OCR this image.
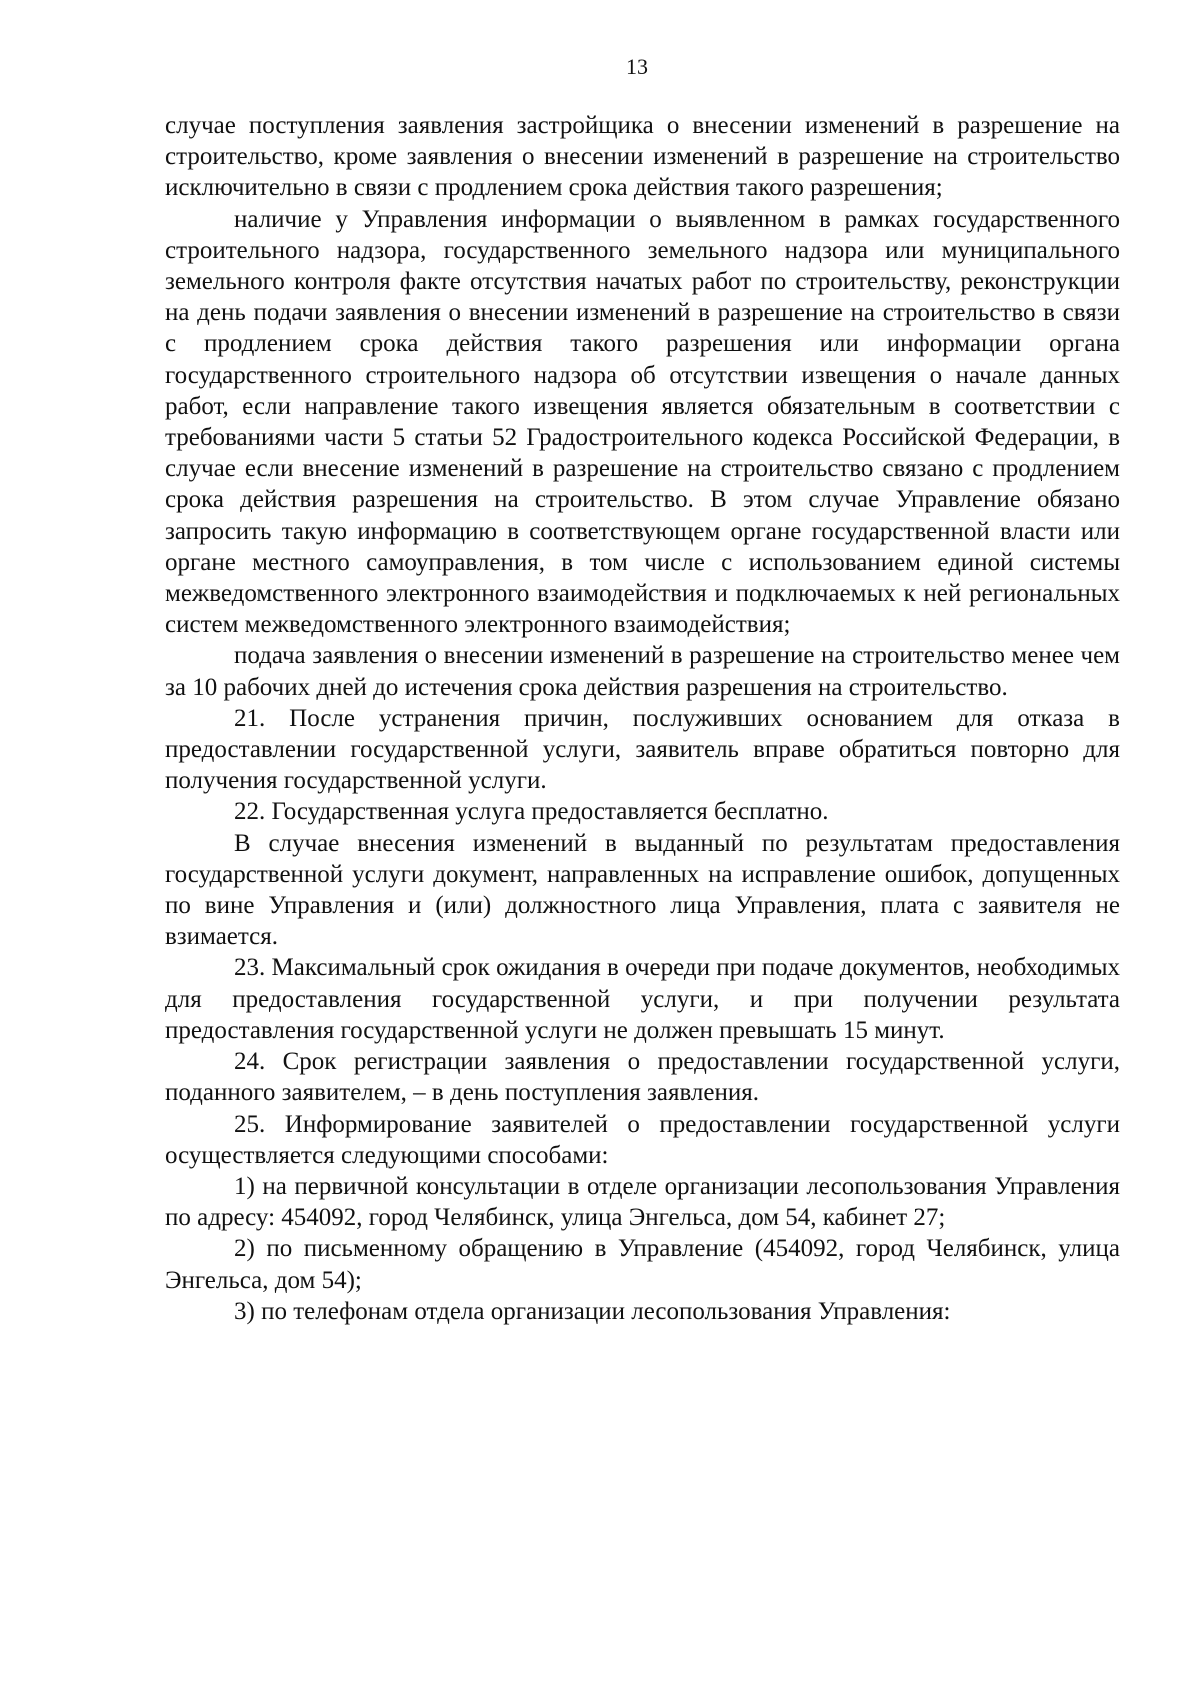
13

случае поступления заявления застройщика о внесении изменений в разрешение на строительство, кроме заявления о внесении изменений в разрешение на строительство исключительно в связи с продлением срока действия такого разрешения;

наличие у Управления информации о выявленном в рамках государственного строительного надзора, государственного земельного надзора или муниципального земельного контроля факте отсутствия начатых работ по строительству, реконструкции на день подачи заявления о внесении изменений в разрешение на строительство в связи с продлением срока действия такого разрешения или информации органа государственного строительного надзора об отсутствии извещения о начале данных работ, если направление такого извещения является обязательным в соответствии с требованиями части 5 статьи 52 Градостроительного кодекса Российской Федерации, в случае если внесение изменений в разрешение на строительство связано с продлением срока действия разрешения на строительство. В этом случае Управление обязано запросить такую информацию в соответствующем органе государственной власти или органе местного самоуправления, в том числе с использованием единой системы межведомственного электронного взаимодействия и подключаемых к ней региональных систем межведомственного электронного взаимодействия;

подача заявления о внесении изменений в разрешение на строительство менее чем за 10 рабочих дней до истечения срока действия разрешения на строительство.

21. После устранения причин, послуживших основанием для отказа в предоставлении государственной услуги, заявитель вправе обратиться повторно для получения государственной услуги.

22. Государственная услуга предоставляется бесплатно.

В случае внесения изменений в выданный по результатам предоставления государственной услуги документ, направленных на исправление ошибок, допущенных по вине Управления и (или) должностного лица Управления, плата с заявителя не взимается.

23. Максимальный срок ожидания в очереди при подаче документов, необходимых для предоставления государственной услуги, и при получении результата предоставления государственной услуги не должен превышать 15 минут.

24. Срок регистрации заявления о предоставлении государственной услуги, поданного заявителем, – в день поступления заявления.

25. Информирование заявителей о предоставлении государственной услуги осуществляется следующими способами:

1) на первичной консультации в отделе организации лесопользования Управления по адресу: 454092, город Челябинск, улица Энгельса, дом 54, кабинет 27;

2) по письменному обращению в Управление (454092, город Челябинск, улица Энгельса, дом 54);

3) по телефонам отдела организации лесопользования Управления:
